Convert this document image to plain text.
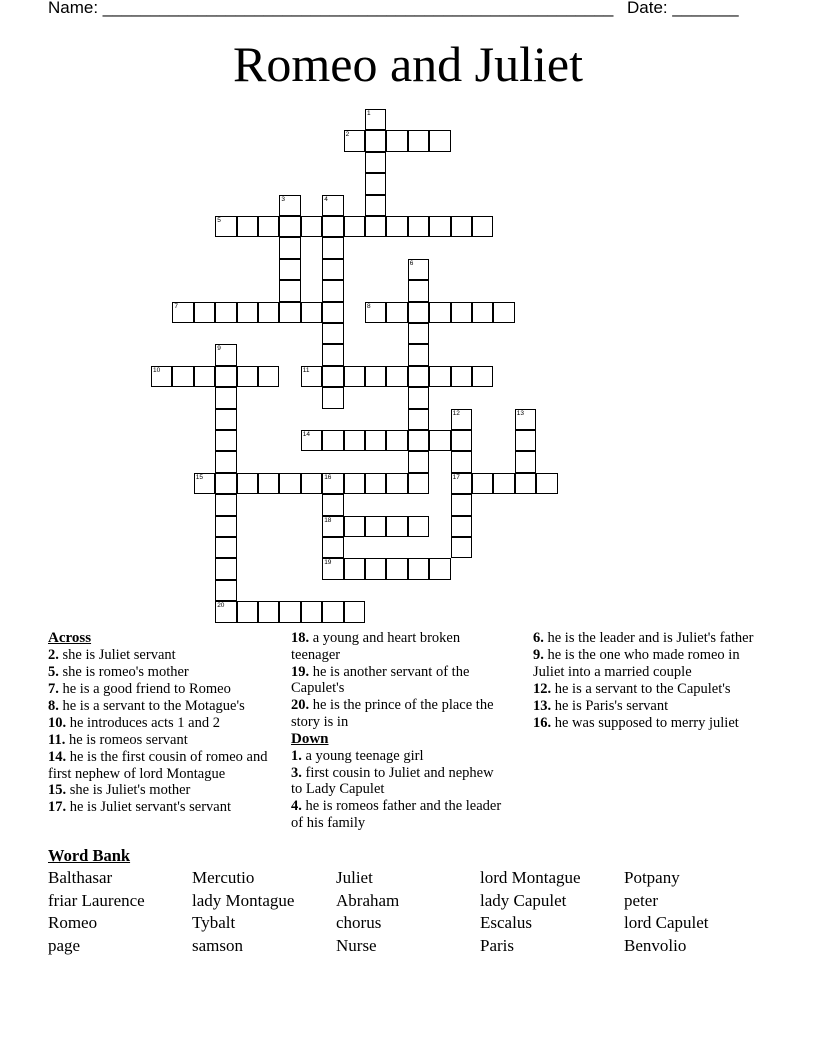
Name: ______________________________________________________ Date: _______
Romeo and Juliet
1
2
3	4
5
6
7	8
9
10	11
12
17
13
14
15	16
18
19
20
Across
2. she is Juliet servant
5. she is romeo's mother
7. he is a good friend to Romeo
8. he is a servant to the Motague's
10. he introduces acts 1 and 2
11. he is romeos servant
14. he is the first cousin of romeo and first nephew of lord Montague
15. she is Juliet's mother
17. he is Juliet servant's servant
18. a young and heart broken teenager
19. he is another servant of the Capulet's
20. he is the prince of the place the story is in
Down
1. a young teenage girl
3. first cousin to Juliet and nephew to Lady Capulet
4. he is romeos father and the leader of his family
6. he is the leader and is Juliet's father
9. he is the one who made romeo in Juliet into a married couple
12. he is a servant to the Capulet's
13. he is Paris's servant
16. he was supposed to merry juliet
Word Bank
Balthasar
friar Laurence
Romeo
page
Mercutio
lady Montague
Tybalt
samson
Juliet
Abraham
chorus
Nurse
lord Montague
lady Capulet
Escalus
Paris
Potpany
peter
lord Capulet
Benvolio
